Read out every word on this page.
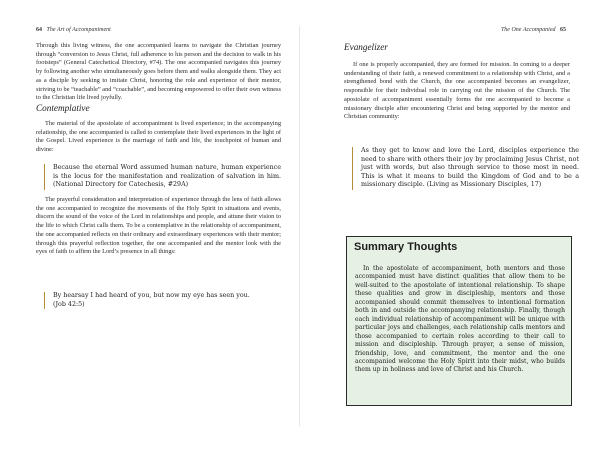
64 The Art of Accompaniment

Through this living witness, the one accompanied learns to navigate the Christian journey through “conversion to Jesus Christ, full adherence to his person and the decision to walk in his footsteps” (General Catechetical Directory, #74). The one accompanied navigates this journey by following another who simultaneously goes before them and walks alongside them. They act as a disciple by seeking to imitate Christ, honoring the role and experience of their mentor, striving to be “teachable” and “coachable”, and becoming empowered to offer their own witness to the Christian life lived joyfully.

Contemplative

The material of the apostolate of accompaniment is lived experience; in the accompanying relationship, the one accompanied is called to contemplate their lived experiences in the light of the Gospel. Lived experience is the marriage of faith and life, the touchpoint of human and divine:

Because the eternal Word assumed human nature, human experience is the locus for the manifestation and realization of salvation in him. (National Directory for Catechesis, #29A)

The prayerful consideration and interpretation of experience through the lens of faith allows the one accompanied to recognize the movements of the Holy Spirit in situations and events, discern the sound of the voice of the Lord in relationships and people, and attune their vision to the life to which Christ calls them. To be a contemplative in the relationship of accompaniment, the one accompanied reflects on their ordinary and extraordinary experiences with their mentor; through this prayerful reflection together, the one accompanied and the mentor look with the eyes of faith to affirm the Lord’s presence in all things:

By hearsay I had heard of you, but now my eye has seen you.

(Job 42:5)

The One Accompanied 65
Evangelizer

If one is properly accompanied, they are formed for mission. In coming to a deeper understanding of their faith, a renewed commitment to a relationship with Christ, and a strengthened bond with the Church, the one accompanied becomes an evangelizer, responsible for their individual role in carrying out the mission of the Church. The apostolate of accompaniment essentially forms the one accompanied to become a missionary disciple after encountering Christ and being supported by the mentor and Christian community:

As they get to know and love the Lord, disciples experience the need to share with others their joy by proclaiming Jesus Christ, not just with words, but also through service to those most in need. This is what it means to build the Kingdom of God and to be a missionary disciple. (Living as Missionary Disciples, 17)

Summary Thoughts

In the apostolate of accompaniment, both mentors and those accompanied must have distinct qualities that allow them to be well-suited to the apostolate of intentional relationship. To shape these qualities and grow in discipleship, mentors and those accompanied should commit themselves to intentional formation both in and outside the accompanying relationship. Finally, though each individual relationship of accompaniment will be unique with particular joys and challenges, each relationship calls mentors and those accompanied to certain roles according to their call to mission and discipleship. Through prayer, a sense of mission, friendship, love, and commitment, the mentor and the one accompanied welcome the Holy Spirit into their midst, who builds them up in holiness and love of Christ and his Church.
